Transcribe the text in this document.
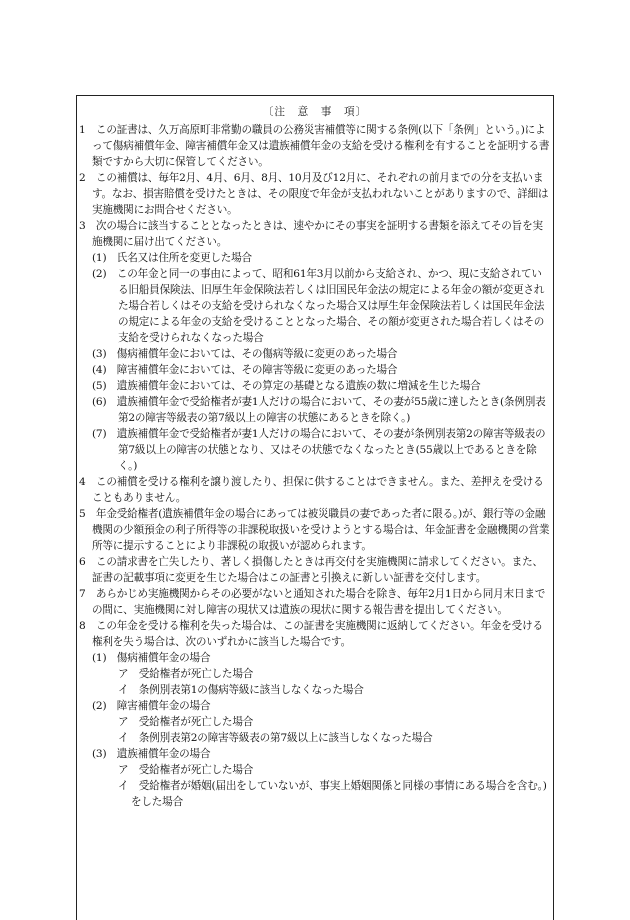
〔注　意　事　項〕

1　この証書は、久万高原町非常勤の職員の公務災害補償等に関する条例(以下「条例」という。)によって傷病補償年金、障害補償年金又は遺族補償年金の支給を受ける権利を有することを証明する書類ですから大切に保管してください。

2　この補償は、毎年2月、4月、6月、8月、10月及び12月に、それぞれの前月までの分を支払います。なお、損害賠償を受けたときは、その限度で年金が支払われないことがありますので、詳細は実施機関にお問合せください。

3　次の場合に該当することとなったときは、速やかにその事実を証明する書類を添えてその旨を実施機関に届け出てください。

(1)　氏名又は住所を変更した場合

(2)　この年金と同一の事由によって、昭和61年3月以前から支給され、かつ、現に支給されている旧船員保険法、旧厚生年金保険法若しくは旧国民年金法の規定による年金の額が変更された場合若しくはその支給を受けられなくなった場合又は厚生年金保険法若しくは国民年金法の規定による年金の支給を受けることとなった場合、その額が変更された場合若しくはその支給を受けられなくなった場合

(3)　傷病補償年金においては、その傷病等級に変更のあった場合

(4)　障害補償年金においては、その障害等級に変更のあった場合

(5)　遺族補償年金においては、その算定の基礎となる遺族の数に増減を生じた場合

(6)　遺族補償年金で受給権者が妻1人だけの場合において、その妻が55歳に達したとき(条例別表第2の障害等級表の第7級以上の障害の状態にあるときを除く。)

(7)　遺族補償年金で受給権者が妻1人だけの場合において、その妻が条例別表第2の障害等級表の第7級以上の障害の状態となり、又はその状態でなくなったとき(55歳以上であるときを除く。)

4　この補償を受ける権利を譲り渡したり、担保に供することはできません。また、差押えを受けることもありません。

5　年金受給権者(遺族補償年金の場合にあっては被災職員の妻であった者に限る。)が、銀行等の金融機関の少額預金の利子所得等の非課税取扱いを受けようとする場合は、年金証書を金融機関の営業所等に提示することにより非課税の取扱いが認められます。

6　この請求書を亡失したり、著しく損傷したときは再交付を実施機関に請求してください。また、証書の記載事項に変更を生じた場合はこの証書と引換えに新しい証書を交付します。

7　あらかじめ実施機関からその必要がないと通知された場合を除き、毎年2月1日から同月末日までの間に、実施機関に対し障害の現状又は遺族の現状に関する報告書を提出してください。

8　この年金を受ける権利を失った場合は、この証書を実施機関に返納してください。年金を受ける権利を失う場合は、次のいずれかに該当した場合です。

(1)　傷病補償年金の場合

ア　受給権者が死亡した場合

イ　条例別表第1の傷病等級に該当しなくなった場合

(2)　障害補償年金の場合

ア　受給権者が死亡した場合

イ　条例別表第2の障害等級表の第7級以上に該当しなくなった場合

(3)　遺族補償年金の場合

ア　受給権者が死亡した場合

イ　受給権者が婚姻(届出をしていないが、事実上婚姻関係と同様の事情にある場合を含む。)をした場合
